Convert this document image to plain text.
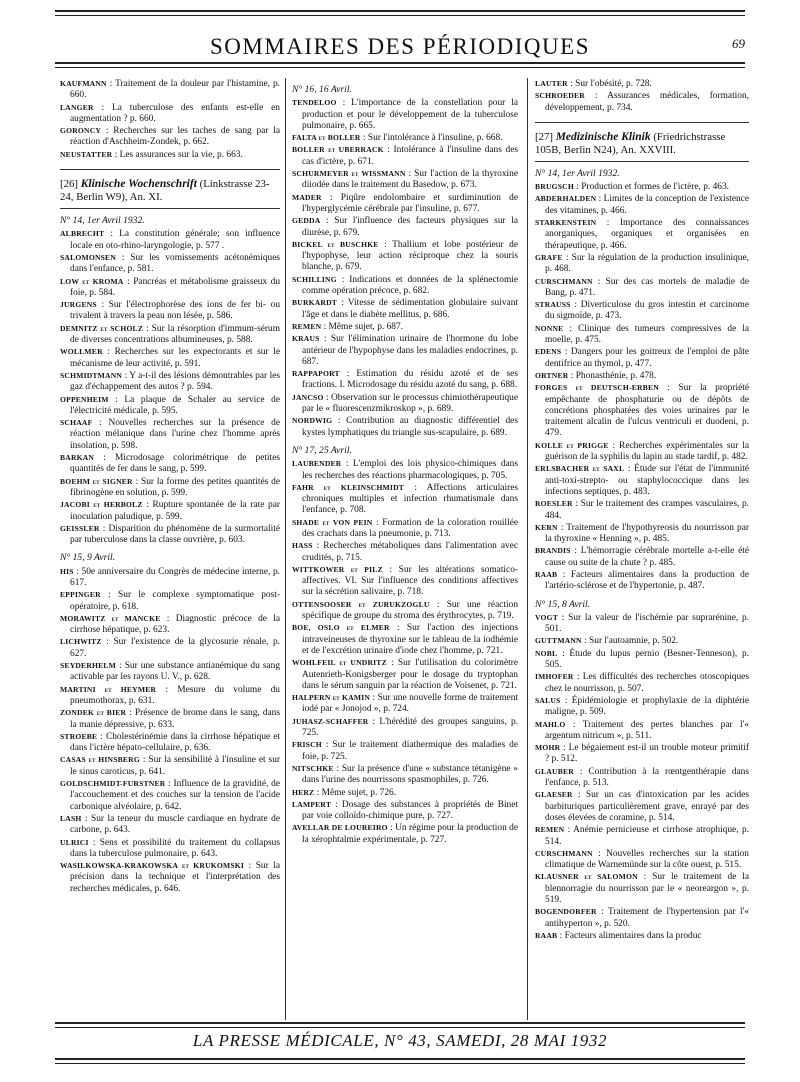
SOMMAIRES DES PÉRIODIQUES	69

KAUFMANN : Traitement de la douleur par l'histamine, p. 660.

LANGER : La tuberculose des enfants est-elle en augmentation ? p. 660.

GORONCY : Recherches sur les taches de sang par la réaction d'Aschheim-Zondek, p. 662.

NEUSTATTER : Les assurances sur la vie, p. 663.

[26] Klinische Wochenschrift (Linkstrasse 23-24, Berlin W9), An. XI.
N° 14, 1er Avril 1932.

ALBRECHT : La constitution générale; son influence locale en oto-rhino-laryngologie, p. 577 .

SALOMONSEN : Sur les vomissements acétonémiques dans l'enfance, p. 581.

LOW et KROMA : Pancréas et métabolisme graisseux du foie, p. 584.

JURGENS : Sur l'électrophorèse des ions de fer bi- ou trivalent à travers la peau non lésée, p. 586.

DEMNITZ et SCHOLZ : Sur la résorption d'immum-sérum de diverses concentrations albumineuses, p. 588.

WOLLMER : Recherches sur les expectorants et sur le mécanisme de leur activité, p. 591.

SCHMIDTMANN : Y a-t-il des lésions démontrables par les gaz d'échappement des autos ? p. 594.

OPPENHEIM : La plaque de Schaler au service de l'électricité médicale, p. 595.

SCHAAF : Nouvelles recherches sur la présence de réaction mélanique dans l'urine chez l'homme après insolation, p. 598.

BARKAN : Microdosage colorimétrique de petites quantités de fer dans le sang, p. 599.

BOEHM et SIGNER : Sur la forme des petites quantités de fibrinogène en solution, p. 599.

JACOBI et HERBOLZ : Rupture spontanée de la rate par inoculation paludique, p. 599.

GEISSLER : Disparition du phénomène de la surmortalité par tuberculose dans la classe ouvrière, p. 603.

N° 15, 9 Avril.

HIS : 50e anniversaire du Congrès de médecine interne, p. 617.

EPPINGER : Sur le complexe symptomatique post-opératoire, p. 618.

MORAWITZ et MANCKE : Diagnostic précoce de la cirrhose hépatique, p. 623.

LICHWITZ : Sur l'existence de la glycosurie rénale, p. 627.

SEYDERHELM : Sur une substance antianémique du sang activable par les rayons U. V., p. 628.

MARTINI et HEYMER : Mesure du volume du pneumothorax, p. 631.

ZONDEK et BIER : Présence de brome dans le sang, dans la manie dépressive, p. 633.

STROEBE : Cholestérinémie dans la cirrhose hépatique et dans l'ictère hépato-cellulaire, p. 636.

CASAS et HINSBERG : Sur la sensibilité à l'insuline et sur le sinus caroticus, p. 641.

GOLDSCHMIDT-FURSTNER : Influence de la gravidité, de l'accouchement et des couches sur la tension de l'acide carbonique alvéolaire, p. 642.

LASH : Sur la teneur du muscle cardiaque en hydrate de carbone, p. 643.

ULRICI : Sens et possibilité du traitement du collapsus dans la tuberculose pulmonaire, p. 643.

WASILKOWSKA-KRAKOWSKA et KRUKOMSKI : Sur la précision dans la technique et l'interprétation des recherches médicales, p. 646.

N° 16, 16 Avril.

TENDELOO : L'importance de la constellation pour la production et pour le développement de la tuberculose pulmonaire, p. 665.

FALTA et BOLLER : Sur l'intolérance à l'insuline, p. 668.

BOLLER et UBERRACK : Intolérance à l'insuline dans des cas d'ictère, p. 671.

SCHURMEYER et WISSMANN : Sur l'action de la thyroxine diiodée dans le traitement du Basedow, p. 673.

MADER : Piqûre endolombaire et surdiminution de l'hyperglycémie cérébrale par l'insuline, p. 677.

GEDDA : Sur l'influence des facteurs physiques sur la diurèse, p. 679.

BICKEL et BUSCHKE : Thallium et lobe postérieur de l'hypophyse, leur action réciproque chez la souris blanche, p. 679.

SCHILLING : Indications et données de la splénectomie comme opération précoce, p. 682.

BURKARDT : Vitesse de sédimentation globulaire suivant l'âge et dans le diabète mellitus, p. 686.

REMEN : Même sujet, p. 687.

KRAUS : Sur l'élimination urinaire de l'hormone du lobe antérieur de l'hypophyse dans les maladies endocrines, p. 687.

RAPPAPORT : Estimation du résidu azoté et de ses fractions. I. Microdosage du résidu azoté du sang, p. 688.

JANCSO : Observation sur le processus chimiothérapeutique par le « fluorescenzmikroskop », p. 689.

NORDWIG : Contribution au diagnostic différentiel des kystes lymphatiques du triangle sus-scapulaire, p. 689.

N° 17, 25 Avril.

LAUBENDER : L'emploi des lois physico-chimiques dans les recherches des réactions pharmacologiques, p. 705.

FAHR et KLEINSCHMIDT : Affections articulaires chroniques multiples et infection rhumatismale dans l'enfance, p. 708.

SHADE et VON PEIN : Formation de la coloration rouillée des crachats dans la pneumonie, p. 713.

HASS : Recherches métaboliques dans l'alimentation avec crudités, p. 715.

WITTKOWER et PILZ : Sur les altérations somatico-affectives. VI. Sur l'influence des conditions affectives sur la sécrétion salivaire, p. 718.

OTTENSOOSER et ZURUKZOGLU : Sur une réaction spécifique de groupe du stroma des érythrocytes, p. 719.

BOE, OSLO et ELMER : Sur l'action des injections intraveineuses de thyroxine sur le tableau de la iodhémie et de l'excrétion urinaire d'iode chez l'homme, p. 721.

WOHLFEIL et UNDRITZ : Sur l'utilisation du colorimètre Autenrieth-Konigsberger pour le dosage du tryptophan dans le sérum sanguin par la réaction de Voisenet, p. 721.

HALPERN et KAMIN : Sur une nouvelle forme de traitement iodé par « Jonojod », p. 724.

JUHASZ-SCHAFFER : L'hérédité des groupes sanguins, p. 725.

FRISCH : Sur le traitement diathermique des maladies de foie, p. 725.

NITSCHKE : Sur la présence d'une « substance tétanigène » dans l'urine des nourrissons spasmophiles, p. 726.

HERZ : Même sujet, p. 726.

LAMPERT : Dosage des substances à propriétés de Binet par voie colloïdo-chimique pure, p. 727.

AVELLAR DE LOUREIRO : Un régime pour la production de la xérophtalmie expérimentale, p. 727.

LAUTER : Sur l'obésité, p. 728.

SCHROEDER : Assurances médicales, formation, développement, p. 734.

[27] Medizinische Klinik (Friedrichstrasse 105B, Berlin N24), An. XXVIII.
N° 14, 1er Avril 1932.

BRUGSCH : Production et formes de l'ictère, p. 463.

ABDERHALDEN : Limites de la conception de l'existence des vitamines, p. 466.

STARKENSTEIN : Importance des connaissances anorganiques, organiques et organisées en thérapeutique, p. 466.

GRAFE : Sur la régulation de la production insulinique, p. 468.

CURSCHMANN : Sur des cas mortels de maladie de Bang, p. 471.

STRAUSS : Diverticulose du gros intestin et carcinome du sigmoïde, p. 473.

NONNE : Clinique des tumeurs compressives de la moelle, p. 475.

EDENS : Dangers pour les goitreux de l'emploi de pâte dentifrice au thymol, p. 477.

ORTNER : Phonasthénie, p. 478.

FORGES et DEUTSCH-ERBEN : Sur la propriété empêchante de phosphaturie ou de dépôts de concrétions phosphatées des voies urinaires par le traitement alcalin de l'ulcus ventriculi et duodeni, p. 479.

KOLLE et PRIGGE : Recherches expérimentales sur la guérison de la syphilis du lapin au stade tardif, p. 482.

ERLSBACHER et SAXL : Étude sur l'état de l'immunité anti-toxi-strepto- ou staphylococcique dans les infections septiques, p. 483.

ROESLER : Sur le traitement des crampes vasculaires, p. 484.

KERN : Traitement de l'hypothyreosis du nourrisson par la thyroxine « Henning », p. 485.

BRANDIS : L'hémorragie cérébrale mortelle a-t-elle été cause ou suite de la chute ? p. 485.

RAAB : Facteurs alimentaires dans la production de l'artério-sclérose et de l'hypertonie, p. 487.

N° 15, 8 Avril.

VOGT : Sur la valeur de l'ischémie par suprarénine, p. 501.

GUTTMANN : Sur l'autoamnie, p. 502.

NOBL : Étude du lupus pernio (Besner-Tenneson), p. 505.

IMHOFER : Les difficultés des recherches otoscopiques chez le nourrisson, p. 507.

SALUS : Épidémiologie et prophylaxie de la diphtérie maligne, p. 509.

MAHLO : Traitement des pertes blanches par l'« argentum nitricum », p. 511.

MOHR : Le bégaiement est-il un trouble moteur primitif ? p. 512.

GLAUBER : Contribution à la rœntgenthérapie dans l'enfance, p. 513.

GLAESER : Sur un cas d'intoxication par les acides barbituriques particulièrement grave, enrayé par des doses élevées de coramine, p. 514.

REMEN : Anémie pernicieuse et cirrhose atrophique, p. 514.

CURSCHMANN : Nouvelles recherches sur la station climatique de Warnemünde sur la côte ouest, p. 515.

KLAUSNER et SALOMON : Sur le traitement de la blennorragie du nourrisson par le « neoreargon », p. 519.

BOGENDORFER : Traitement de l'hypertension par l'« antihyperton », p. 520.

RAAB : Facteurs alimentaires dans la produc

LA PRESSE MÉDICALE, N° 43, SAMEDI, 28 MAI 1932
